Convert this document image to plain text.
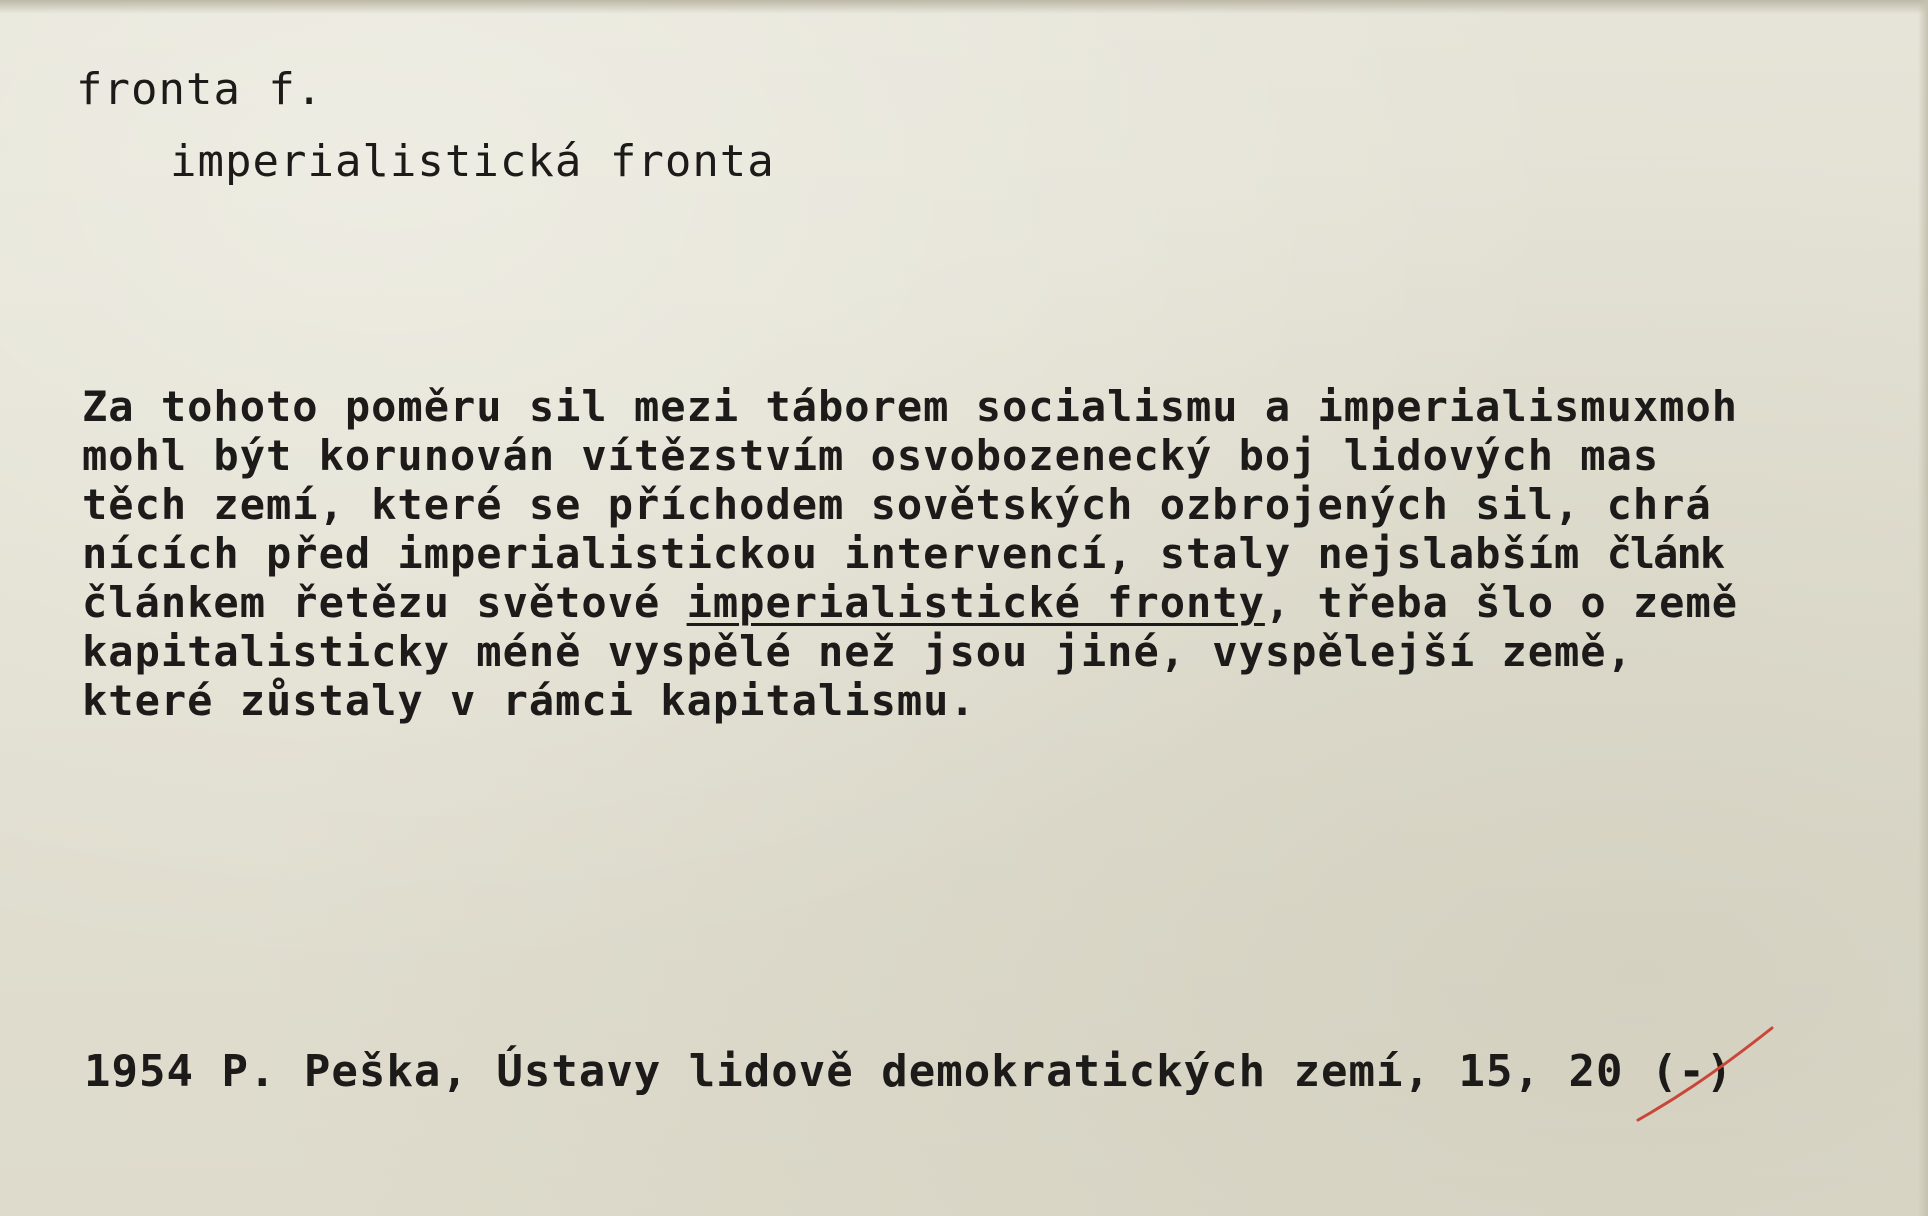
fronta f.
imperialistická fronta
Za tohoto poměru sil mezi táborem socialismu a imperialismuxmoh
mohl být korunován vítězstvím osvobozenecký boj lidových mas
těch zemí, které se příchodem sovětských ozbrojených sil, chrá
nících před imperialistickou intervencí, staly nejslabším článk
článkem řetězu světové imperialistické fronty, třeba šlo o země
kapitalisticky méně vyspělé než jsou jiné, vyspělejší země,
které zůstaly v rámci kapitalismu.
1954 P. Peška, Ústavy lidově demokratických zemí, 15, 20 (-)
